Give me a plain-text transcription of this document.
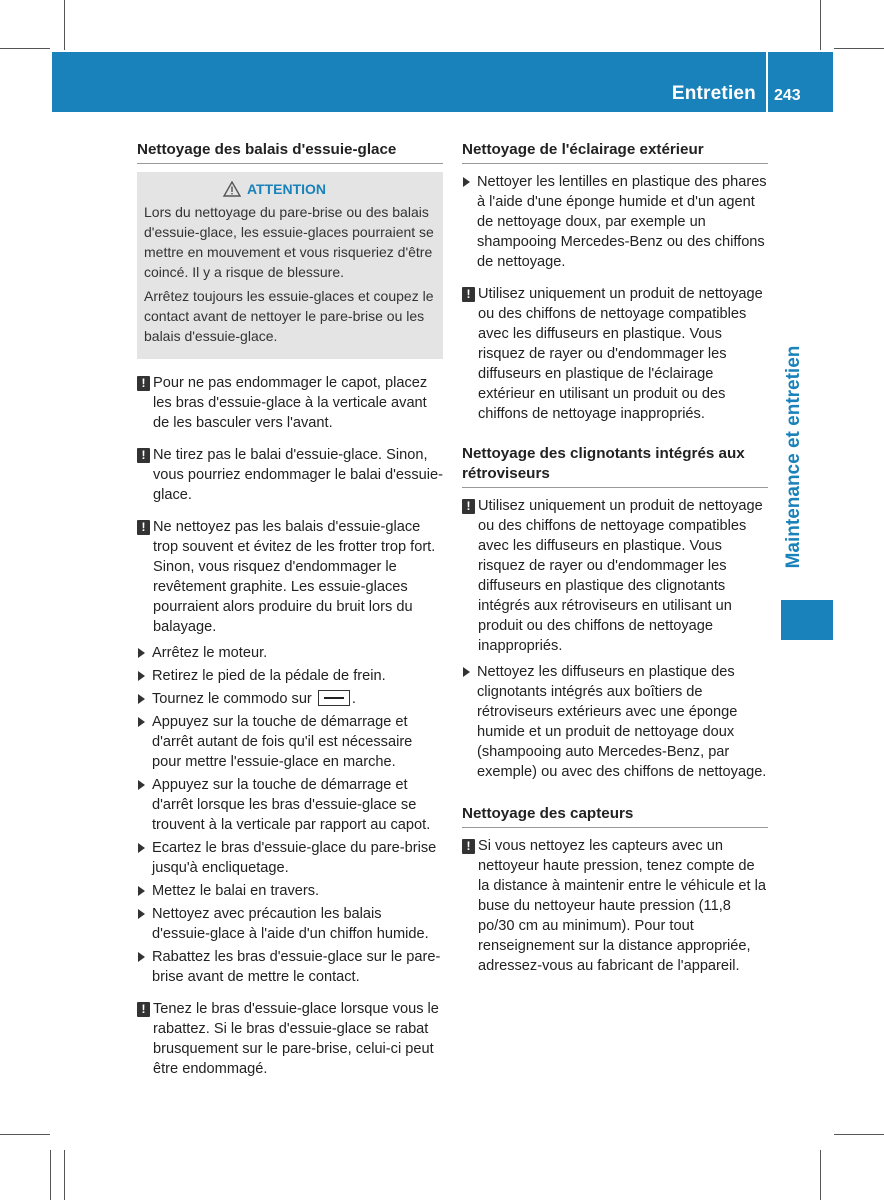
Entretien 243
Maintenance et entretien
Nettoyage des balais d'essuie-glace
ATTENTION

Lors du nettoyage du pare-brise ou des balais d'essuie-glace, les essuie-glaces pourraient se mettre en mouvement et vous risqueriez d'être coincé. Il y a risque de blessure.

Arrêtez toujours les essuie-glaces et coupez le contact avant de nettoyer le pare-brise ou les balais d'essuie-glace.

! Pour ne pas endommager le capot, placez les bras d'essuie-glace à la verticale avant de les basculer vers l'avant.
! Ne tirez pas le balai d'essuie-glace. Sinon, vous pourriez endommager le balai d'essuie-glace.
! Ne nettoyez pas les balais d'essuie-glace trop souvent et évitez de les frotter trop fort. Sinon, vous risquez d'endommager le revêtement graphite. Les essuie-glaces pourraient alors produire du bruit lors du balayage.
Arrêtez le moteur.
Retirez le pied de la pédale de frein.
Tournez le commodo sur	.
Appuyez sur la touche de démarrage et d'arrêt autant de fois qu'il est nécessaire pour mettre l'essuie-glace en marche.
Appuyez sur la touche de démarrage et d'arrêt lorsque les bras d'essuie-glace se trouvent à la verticale par rapport au capot.
Ecartez le bras d'essuie-glace du pare-brise jusqu'à encliquetage.
Mettez le balai en travers.
Nettoyez avec précaution les balais d'essuie-glace à l'aide d'un chiffon humide.
Rabattez les bras d'essuie-glace sur le pare-brise avant de mettre le contact.
! Tenez le bras d'essuie-glace lorsque vous le rabattez. Si le bras d'essuie-glace se rabat brusquement sur le pare-brise, celui-ci peut être endommagé.
Nettoyage de l'éclairage extérieur
Nettoyer les lentilles en plastique des phares à l'aide d'une éponge humide et d'un agent de nettoyage doux, par exemple un shampooing Mercedes-Benz ou des chiffons de nettoyage.
! Utilisez uniquement un produit de nettoyage ou des chiffons de nettoyage compatibles avec les diffuseurs en plastique. Vous risquez de rayer ou d'endommager les diffuseurs en plastique de l'éclairage extérieur en utilisant un produit ou des chiffons de nettoyage inappropriés.
Nettoyage des clignotants intégrés aux rétroviseurs
! Utilisez uniquement un produit de nettoyage ou des chiffons de nettoyage compatibles avec les diffuseurs en plastique. Vous risquez de rayer ou d'endommager les diffuseurs en plastique des clignotants intégrés aux rétroviseurs en utilisant un produit ou des chiffons de nettoyage inappropriés.
Nettoyez les diffuseurs en plastique des clignotants intégrés aux boîtiers de rétroviseurs extérieurs avec une éponge humide et un produit de nettoyage doux (shampooing auto Mercedes-Benz, par exemple) ou avec des chiffons de nettoyage.
Nettoyage des capteurs
! Si vous nettoyez les capteurs avec un nettoyeur haute pression, tenez compte de la distance à maintenir entre le véhicule et la buse du nettoyeur haute pression (11,8 po/30 cm au minimum). Pour tout renseignement sur la distance appropriée, adressez-vous au fabricant de l'appareil.
